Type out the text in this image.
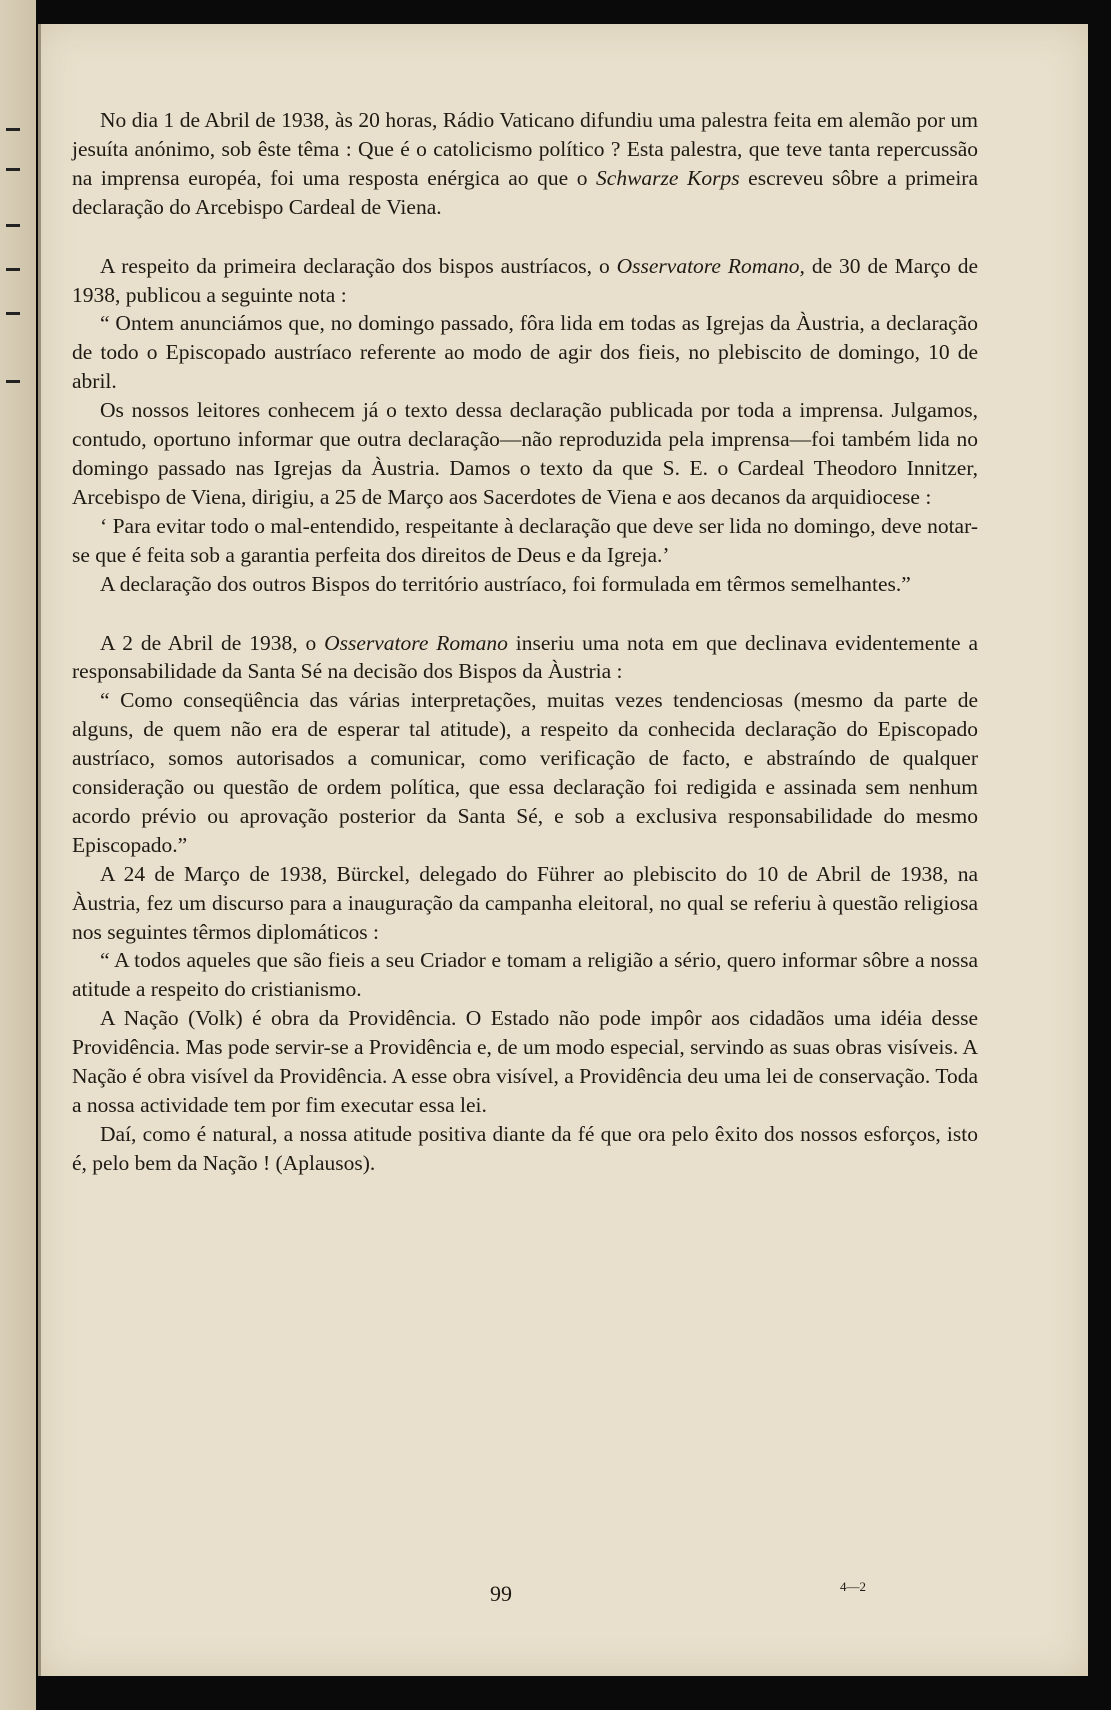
No dia 1 de Abril de 1938, às 20 horas, Rádio Vaticano difundiu uma palestra feita em alemão por um jesuíta anónimo, sob êste têma : Que é o catolicismo político ? Esta palestra, que teve tanta repercussão na imprensa européa, foi uma resposta enérgica ao que o Schwarze Korps escreveu sôbre a primeira declaração do Arcebispo Cardeal de Viena.

A respeito da primeira declaração dos bispos austríacos, o Osservatore Romano, de 30 de Março de 1938, publicou a seguinte nota :

“ Ontem anunciámos que, no domingo passado, fôra lida em todas as Igrejas da Àustria, a declaração de todo o Episcopado austríaco referente ao modo de agir dos fieis, no plebiscito de domingo, 10 de abril.

Os nossos leitores conhecem já o texto dessa declaração publicada por toda a imprensa. Julgamos, contudo, oportuno informar que outra declaração—não reproduzida pela imprensa—foi também lida no domingo passado nas Igrejas da Àustria. Damos o texto da que S. E. o Cardeal Theodoro Innitzer, Arcebispo de Viena, dirigiu, a 25 de Março aos Sacerdotes de Viena e aos decanos da arquidiocese :

‘ Para evitar todo o mal-entendido, respeitante à declaração que deve ser lida no domingo, deve notar-se que é feita sob a garantia perfeita dos direitos de Deus e da Igreja.’

A declaração dos outros Bispos do território austríaco, foi formulada em têrmos semelhantes.”

A 2 de Abril de 1938, o Osservatore Romano inseriu uma nota em que declinava evidentemente a responsabilidade da Santa Sé na decisão dos Bispos da Àustria :

“ Como conseqüência das várias interpretações, muitas vezes tendenciosas (mesmo da parte de alguns, de quem não era de esperar tal atitude), a respeito da conhecida declaração do Episcopado austríaco, somos autorisados a comunicar, como verificação de facto, e abstraíndo de qualquer consideração ou questão de ordem política, que essa declaração foi redigida e assinada sem nenhum acordo prévio ou aprovação posterior da Santa Sé, e sob a exclusiva responsabilidade do mesmo Episcopado.”

A 24 de Março de 1938, Bürckel, delegado do Führer ao plebiscito do 10 de Abril de 1938, na Àustria, fez um discurso para a inauguração da campanha eleitoral, no qual se referiu à questão religiosa nos seguintes têrmos diplomáticos :

“ A todos aqueles que são fieis a seu Criador e tomam a religião a sério, quero informar sôbre a nossa atitude a respeito do cristianismo.

A Nação (Volk) é obra da Providência. O Estado não pode impôr aos cidadãos uma idéia desse Providência. Mas pode servir-se a Providência e, de um modo especial, servindo as suas obras visíveis. A Nação é obra visível da Providência. A esse obra visível, a Providência deu uma lei de conservação. Toda a nossa actividade tem por fim executar essa lei.

Daí, como é natural, a nossa atitude positiva diante da fé que ora pelo êxito dos nossos esforços, isto é, pelo bem da Nação ! (Aplausos).

99	4—2
